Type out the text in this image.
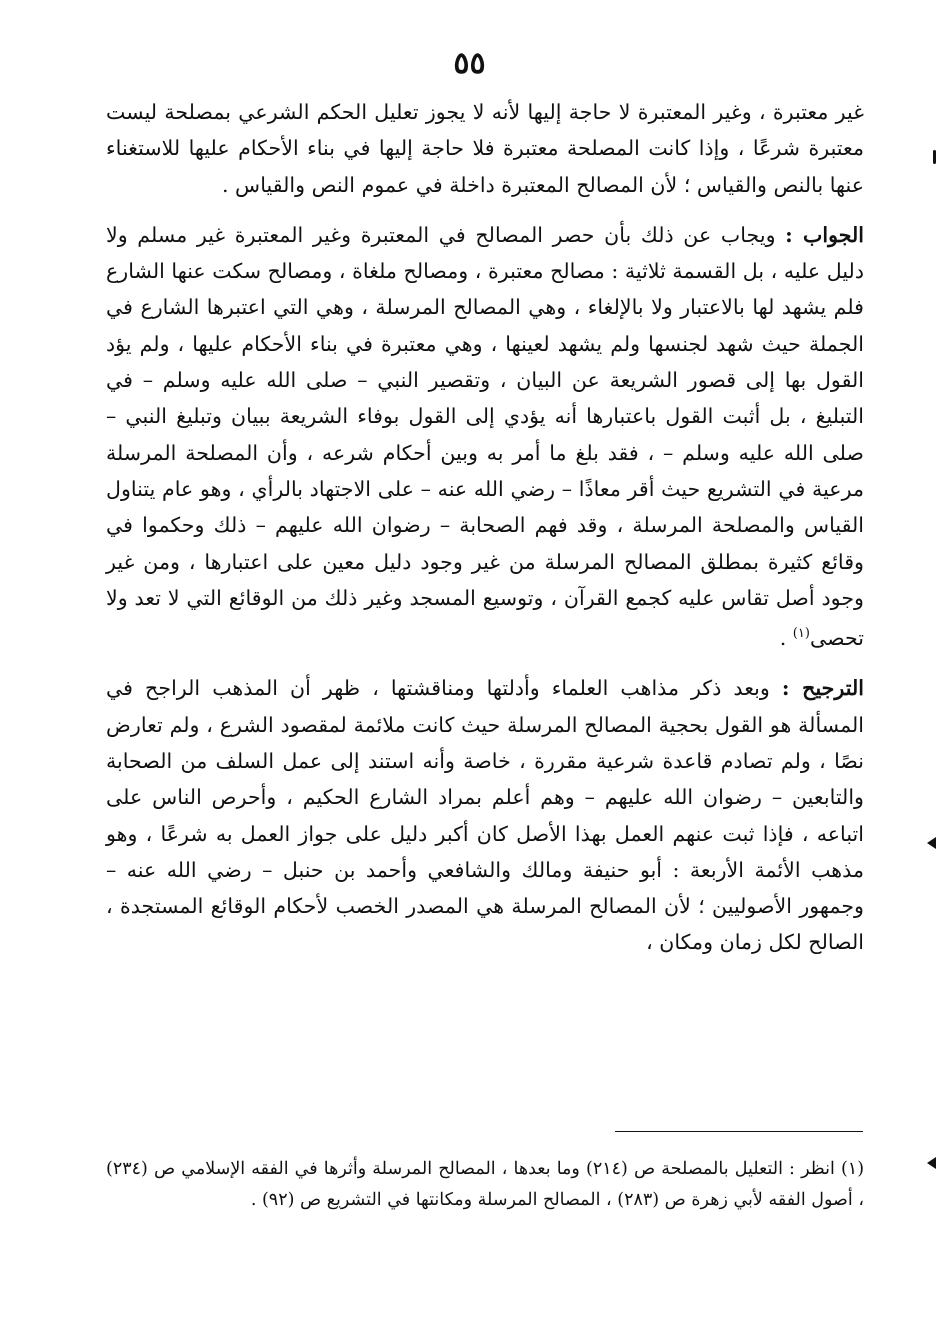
٥٥

غير معتبرة ، وغير المعتبرة لا حاجة إليها لأنه لا يجوز تعليل الحكم الشرعي بمصلحة ليست معتبرة شرعًا ، وإذا كانت المصلحة معتبرة فلا حاجة إليها في بناء الأحكام عليها للاستغناء عنها بالنص والقياس ؛ لأن المصالح المعتبرة داخلة في عموم النص والقياس .

الجواب : ويجاب عن ذلك بأن حصر المصالح في المعتبرة وغير المعتبرة غير مسلم ولا دليل عليه ، بل القسمة ثلاثية : مصالح معتبرة ، ومصالح ملغاة ، ومصالح سكت عنها الشارع فلم يشهد لها بالاعتبار ولا بالإلغاء ، وهي المصالح المرسلة ، وهي التي اعتبرها الشارع في الجملة حيث شهد لجنسها ولم يشهد لعينها ، وهي معتبرة في بناء الأحكام عليها ، ولم يؤد القول بها إلى قصور الشريعة عن البيان ، وتقصير النبي – صلى الله عليه وسلم – في التبليغ ، بل أثبت القول باعتبارها أنه يؤدي إلى القول بوفاء الشريعة ببيان وتبليغ النبي – صلى الله عليه وسلم – ، فقد بلغ ما أمر به وبين أحكام شرعه ، وأن المصلحة المرسلة مرعية في التشريع حيث أقر معاذًا – رضي الله عنه – على الاجتهاد بالرأي ، وهو عام يتناول القياس والمصلحة المرسلة ، وقد فهم الصحابة – رضوان الله عليهم – ذلك وحكموا في وقائع كثيرة بمطلق المصالح المرسلة من غير وجود دليل معين على اعتبارها ، ومن غير وجود أصل تقاس عليه كجمع القرآن ، وتوسيع المسجد وغير ذلك من الوقائع التي لا تعد ولا تحصى$^{(١)}$ .

الترجيح : وبعد ذكر مذاهب العلماء وأدلتها ومناقشتها ، ظهر أن المذهب الراجح في المسألة هو القول بحجية المصالح المرسلة حيث كانت ملائمة لمقصود الشرع ، ولم تعارض نصًا ، ولم تصادم قاعدة شرعية مقررة ، خاصة وأنه استند إلى عمل السلف من الصحابة والتابعين – رضوان الله عليهم – وهم أعلم بمراد الشارع الحكيم ، وأحرص الناس على اتباعه ، فإذا ثبت عنهم العمل بهذا الأصل كان أكبر دليل على جواز العمل به شرعًا ، وهو مذهب الأئمة الأربعة : أبو حنيفة ومالك والشافعي وأحمد بن حنبل – رضي الله عنه – وجمهور الأصوليين ؛ لأن المصالح المرسلة هي المصدر الخصب لأحكام الوقائع المستجدة ، الصالح لكل زمان ومكان ،

(١) انظر : التعليل بالمصلحة ص (٢١٤) وما بعدها ، المصالح المرسلة وأثرها في الفقه الإسلامي ص (٢٣٤) ، أصول الفقه لأبي زهرة ص (٢٨٣) ، المصالح المرسلة ومكانتها في التشريع ص (٩٢) .
